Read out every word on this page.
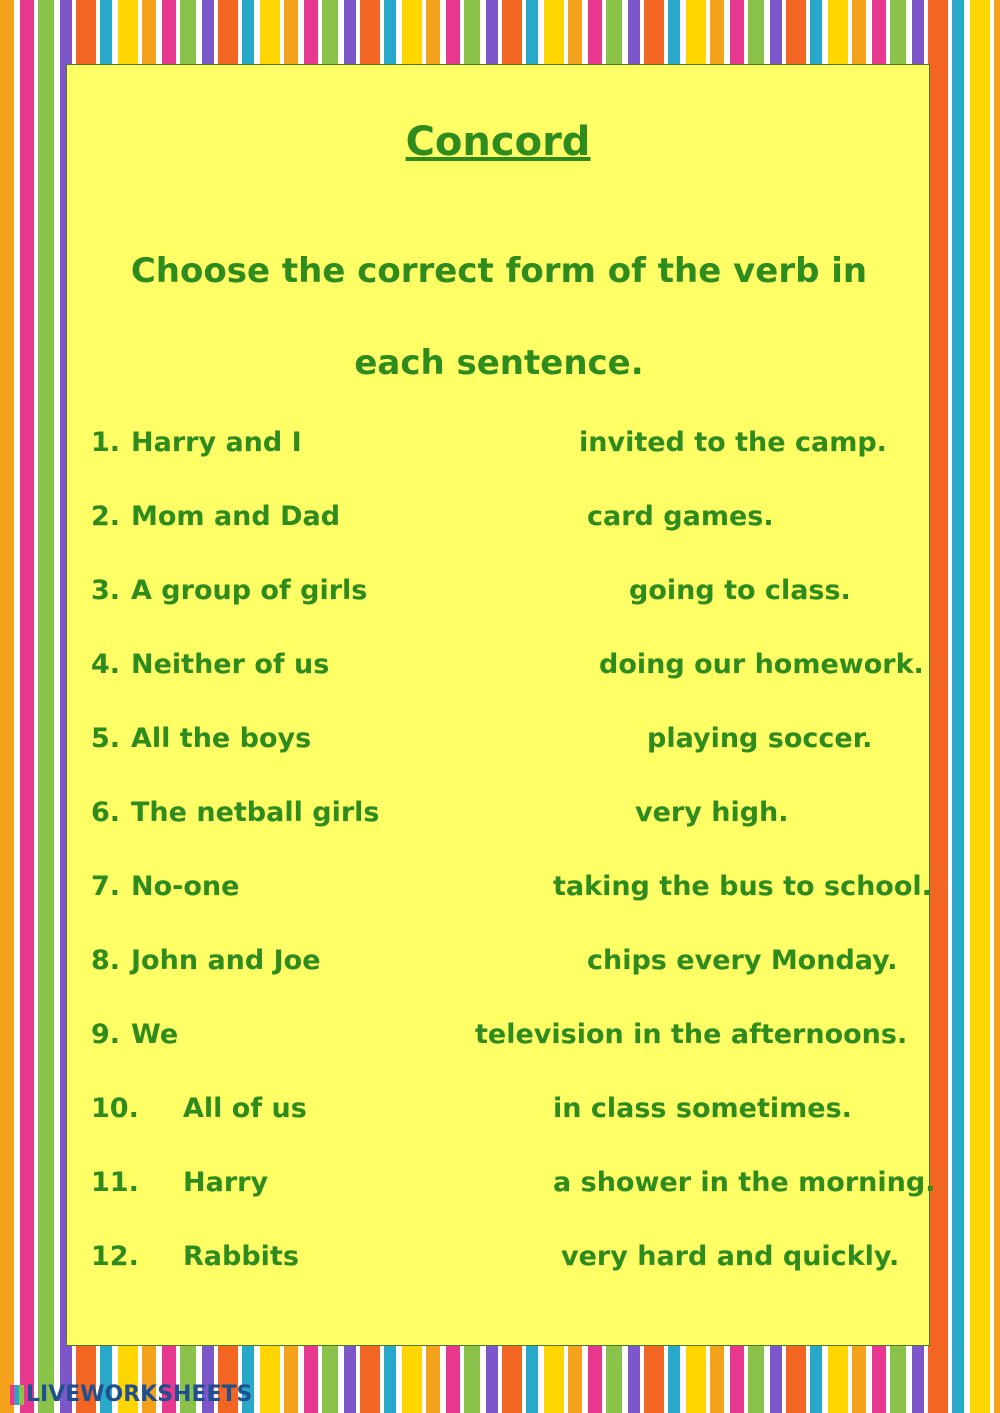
Concord

Choose the correct form of the verb in each sentence.

1. Harry and I	invited to the camp.
2. Mom and Dad	card games.
3. A group of girls	going to class.
4. Neither of us	doing our homework.
5. All the boys	playing soccer.
6. The netball girls	very high.
7. No-one	taking the bus to school.
8. John and Joe	chips every Monday.
9. We	television in the afternoons.
10. All of us	in class sometimes.
11. Harry	a shower in the morning.
12. Rabbits	very hard and quickly.
LIVEWORKSHEETS
